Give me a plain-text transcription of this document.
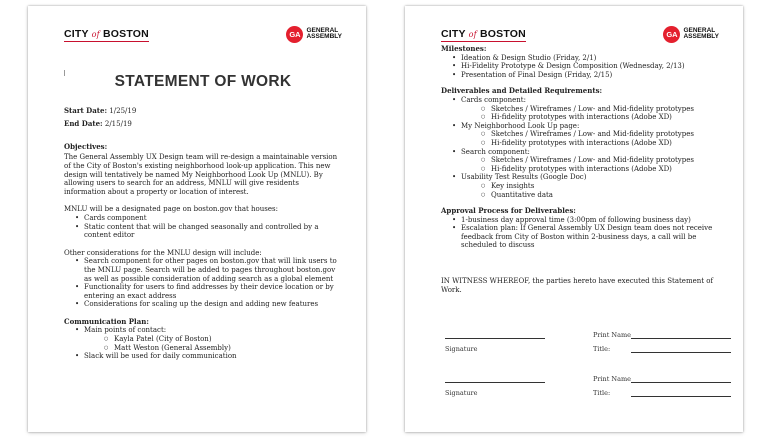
CITY of BOSTON	GA GENERAL
ASSEMBLY
STATEMENT OF WORK
Start Date: 1/25/19
End Date: 2/15/19
Objectives:

The General Assembly UX Design team will re-design a maintainable version of the City of Boston's existing neighborhood look-up application. This new design will tentatively be named My Neighborhood Look Up (MNLU). By allowing users to search for an address, MNLU will give residents information about a property or location of interest.

MNLU will be a designated page on boston.gov that houses:

• Cards component
• Static content that will be changed seasonally and controlled by a content editor

Other considerations for the MNLU design will include:

• Search component for other pages on boston.gov that will link users to the MNLU page. Search will be added to pages throughout boston.gov as well as possible consideration of adding search as a global element
• Functionality for users to find addresses by their device location or by entering an exact address
• Considerations for scaling up the design and adding new features
Communication Plan:
• Main points of contact:
○ Kayla Patel (City of Boston)
○ Matt Weston (General Assembly)
• Slack will be used for daily communication
CITY of BOSTON	GA GENERAL
ASSEMBLY
Milestones:
• Ideation & Design Studio (Friday, 2/1)
• Hi-Fidelity Prototype & Design Composition (Wednesday, 2/13)
• Presentation of Final Design (Friday, 2/15)
Deliverables and Detailed Requirements:
• Cards component:
○ Sketches / Wireframes / Low- and Mid-fidelity prototypes
○ Hi-fidelity prototypes with interactions (Adobe XD)
• My Neighborhood Look Up page:
○ Sketches / Wireframes / Low- and Mid-fidelity prototypes
○ Hi-fidelity prototypes with interactions (Adobe XD)
• Search component:
○ Sketches / Wireframes / Low- and Mid-fidelity prototypes
○ Hi-fidelity prototypes with interactions (Adobe XD)
• Usability Test Results (Google Doc)
○ Key insights
○ Quantitative data
Approval Process for Deliverables:
• 1-business day approval time (3:00pm of following business day)
• Escalation plan: If General Assembly UX Design team does not receive feedback from City of Boston within 2-business days, a call will be scheduled to discuss

IN WITNESS WHEREOF, the parties hereto have executed this Statement of Work.

Print Name
Signature	Title:
Print Name
Signature	Title:
